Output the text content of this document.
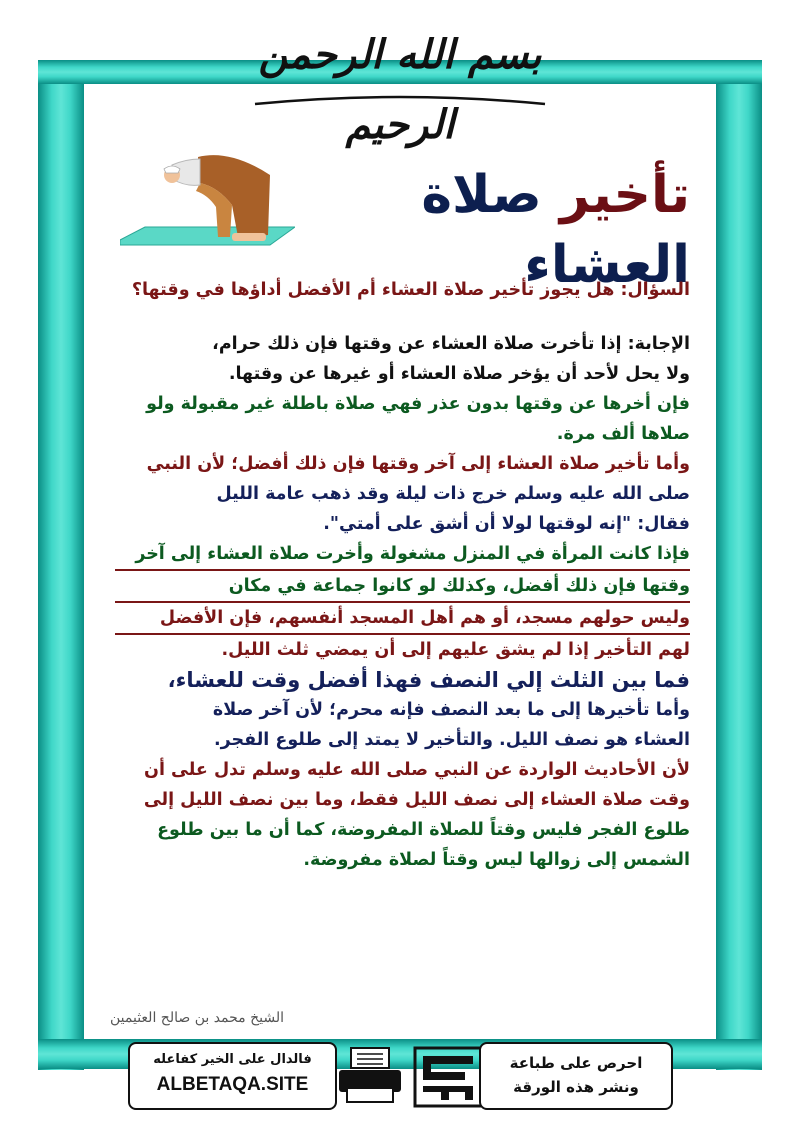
بسم الله الرحمن الرحيم
تأخير صلاة العشاء
السؤال: هل يجوز تأخير صلاة العشاء أم الأفضل أداؤها في وقتها؟
الإجابة: إذا تأخرت صلاة العشاء عن وقتها فإن ذلك حرام،
ولا يحل لأحد أن يؤخر صلاة العشاء أو غيرها عن وقتها.
فإن أخرها عن وقتها بدون عذر فهي صلاة باطلة غير مقبولة ولو
صلاها ألف مرة.
وأما تأخير صلاة العشاء إلى آخر وقتها فإن ذلك أفضل؛ لأن النبي
صلى الله عليه وسلم خرج ذات ليلة وقد ذهب عامة الليل
فقال: "إنه لوقتها لولا أن أشق على أمتي".
فإذا كانت المرأة في المنزل مشغولة وأخرت صلاة العشاء إلى آخر
وقتها فإن ذلك أفضل، وكذلك لو كانوا جماعة في مكان
وليس حولهم مسجد، أو هم أهل المسجد أنفسهم، فإن الأفضل
لهم التأخير إذا لم يشق عليهم إلى أن يمضي ثلث الليل.
فما بين الثلث إلي النصف فهذا أفضل وقت للعشاء،
وأما تأخيرها إلى ما بعد النصف فإنه محرم؛ لأن آخر صلاة
العشاء هو نصف الليل. والتأخير لا يمتد إلى طلوع الفجر.
لأن الأحاديث الواردة عن النبي صلى الله عليه وسلم تدل على أن
وقت صلاة العشاء إلى نصف الليل فقط، وما بين نصف الليل إلى
طلوع الفجر فليس وقتاً للصلاة المفروضة، كما أن ما بين طلوع
الشمس إلى زوالها ليس وقتاً لصلاة مفروضة.
الشيخ محمد بن صالح العثيمين
فالدال على الخير كفاعله
ALBETAQA.SITE
احرص على طباعة
ونشر هذه الورقة
